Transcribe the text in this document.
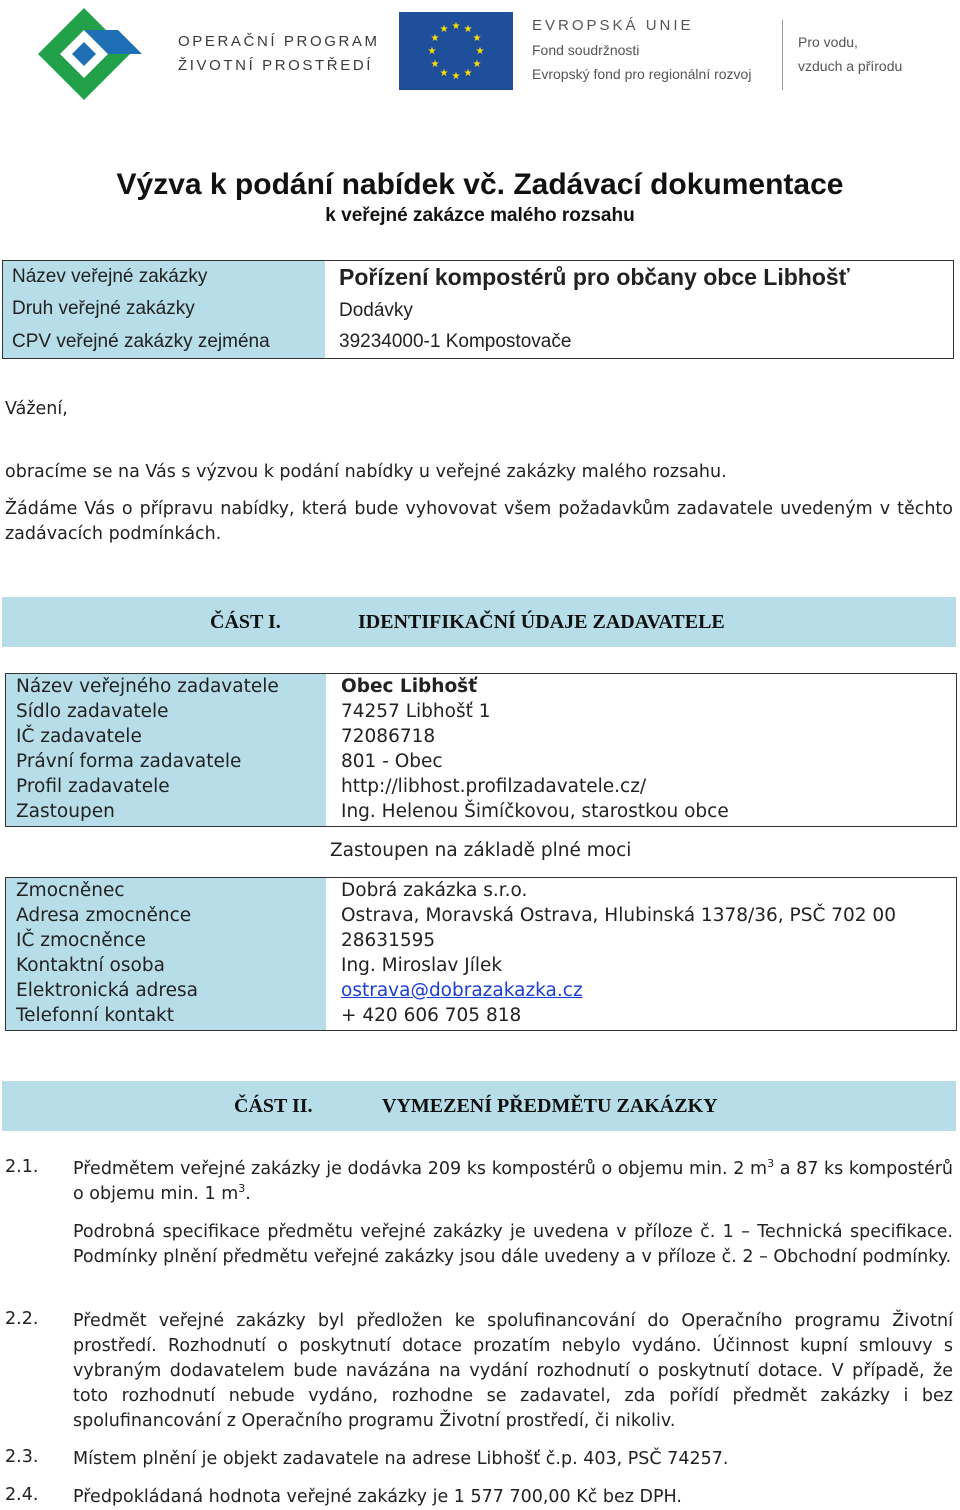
OPERAČNÍ PROGRAM
ŽIVOTNÍ PROSTŘEDÍ
★ ★
★
★
★
★
★
★
★
★
★
★	EVROPSKÁ UNIE
Fond soudržnosti
Evropský fond pro regionální rozvoj
Pro vodu,
vzduch a přírodu
Výzva k podání nabídek vč. Zadávací dokumentace
k veřejné zakázce malého rozsahu
Název veřejné zakázky	Pořízení kompostérů pro občany obce Libhošť
Druh veřejné zakázky	Dodávky
CPV veřejné zakázky zejména	39234000-1 Kompostovače
Vážení,
obracíme se na Vás s výzvou k podání nabídky u veřejné zakázky malého rozsahu.
Žádáme Vás o přípravu nabídky, která bude vyhovovat všem požadavkům zadavatele uvedeným v těchto zadávacích podmínkách.
ČÁST I.	IDENTIFIKAČNÍ ÚDAJE ZADAVATELE
Název veřejného zadavatele	Obec Libhošť
Sídlo zadavatele	74257 Libhošť 1
IČ zadavatele	72086718
Právní forma zadavatele	801 - Obec
Profil zadavatele	http://libhost.profilzadavatele.cz/
Zastoupen	Ing. Helenou Šimíčkovou, starostkou obce
Zastoupen na základě plné moci
Zmocněnec	Dobrá zakázka s.r.o.
Adresa zmocněnce	Ostrava, Moravská Ostrava, Hlubinská 1378/36, PSČ 702 00
IČ zmocněnce	28631595
Kontaktní osoba	Ing. Miroslav Jílek
Elektronická adresa	ostrava@dobrazakazka.cz
Telefonní kontakt	+ 420 606 705 818
ČÁST II.	VYMEZENÍ PŘEDMĚTU ZAKÁZKY
2.1. Předmětem veřejné zakázky je dodávka 209 ks kompostérů o objemu min. 2 $m^3$ a 87 ks kompostérů o objemu min. 1 $m^3$.
Podrobná specifikace předmětu veřejné zakázky je uvedena v příloze č. 1 – Technická specifikace. Podmínky plnění předmětu veřejné zakázky jsou dále uvedeny a v příloze č. 2 – Obchodní podmínky.
2.2. Předmět veřejné zakázky byl předložen ke spolufinancování do Operačního programu Životní prostředí. Rozhodnutí o poskytnutí dotace prozatím nebylo vydáno. Účinnost kupní smlouvy s vybraným dodavatelem bude navázána na vydání rozhodnutí o poskytnutí dotace. V případě, že toto rozhodnutí nebude vydáno, rozhodne se zadavatel, zda pořídí předmět zakázky i bez spolufinancování z Operačního programu Životní prostředí, či nikoliv.
2.3. Místem plnění je objekt zadavatele na adrese Libhošť č.p. 403, PSČ 74257.
2.4. Předpokládaná hodnota veřejné zakázky je 1 577 700,00 Kč bez DPH.
